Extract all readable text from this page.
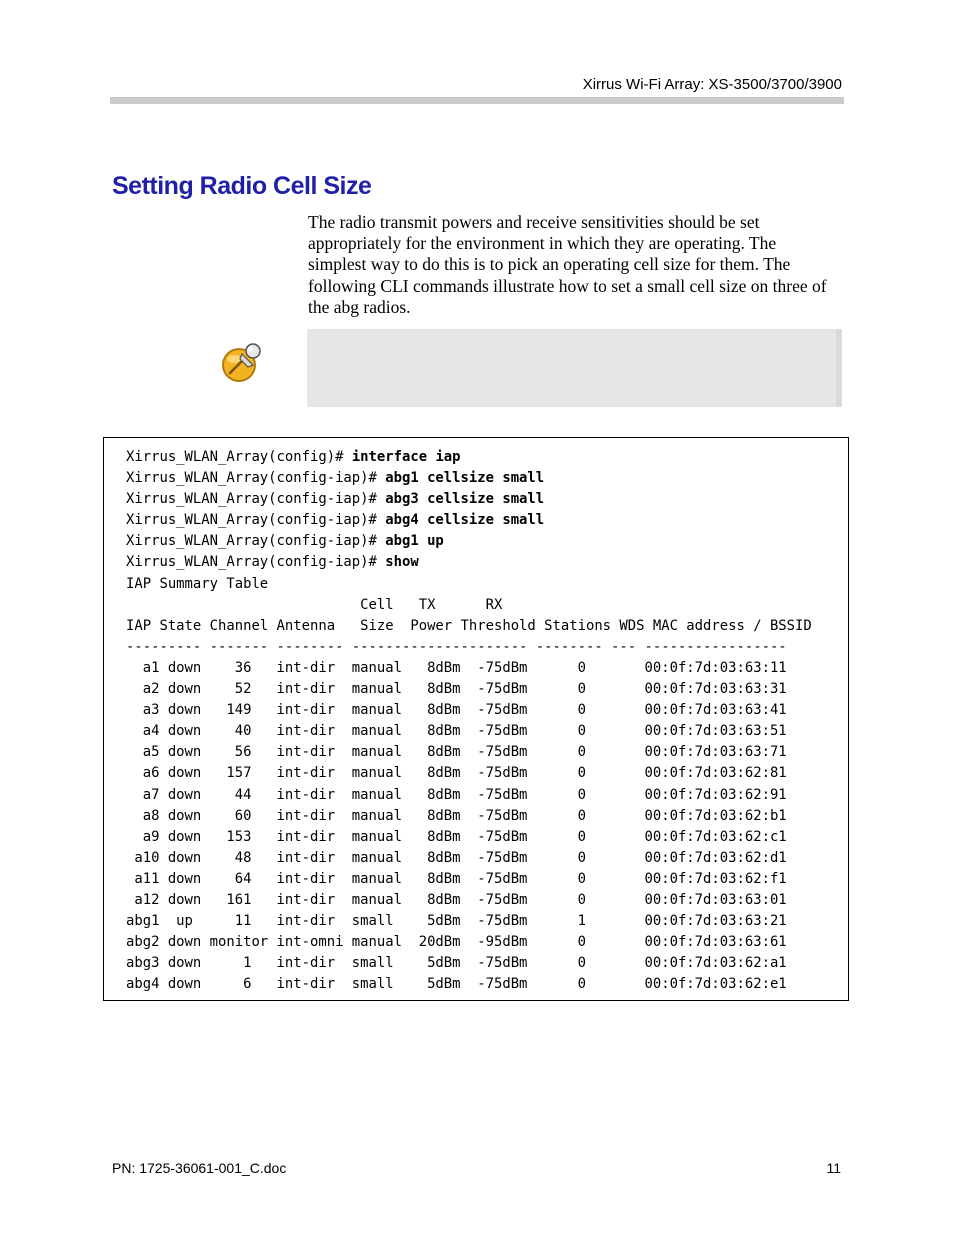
Xirrus Wi-Fi Array: XS-3500/3700/3900
Setting Radio Cell Size

The radio transmit powers and receive sensitivities should be set appropriately for the environment in which they are operating. The simplest way to do this is to pick an operating cell size for them. The following CLI commands illustrate how to set a small cell size on three of the abg radios.

Xirrus_WLAN_Array(config)# interface iap
Xirrus_WLAN_Array(config-iap)# abg1 cellsize small
Xirrus_WLAN_Array(config-iap)# abg3 cellsize small
Xirrus_WLAN_Array(config-iap)# abg4 cellsize small
Xirrus_WLAN_Array(config-iap)# abg1 up
Xirrus_WLAN_Array(config-iap)# show
IAP Summary Table
Cell   TX      RX
IAP State Channel Antenna   Size  Power Threshold Stations WDS MAC address / BSSID
--------- ------- -------- --------------------- -------- --- -----------------
a1 down    36   int-dir  manual   8dBm  -75dBm      0       00:0f:7d:03:63:11
a2 down    52   int-dir  manual   8dBm  -75dBm      0       00:0f:7d:03:63:31
a3 down   149   int-dir  manual   8dBm  -75dBm      0       00:0f:7d:03:63:41
a4 down    40   int-dir  manual   8dBm  -75dBm      0       00:0f:7d:03:63:51
a5 down    56   int-dir  manual   8dBm  -75dBm      0       00:0f:7d:03:63:71
a6 down   157   int-dir  manual   8dBm  -75dBm      0       00:0f:7d:03:62:81
a7 down    44   int-dir  manual   8dBm  -75dBm      0       00:0f:7d:03:62:91
a8 down    60   int-dir  manual   8dBm  -75dBm      0       00:0f:7d:03:62:b1
a9 down   153   int-dir  manual   8dBm  -75dBm      0       00:0f:7d:03:62:c1
a10 down    48   int-dir  manual   8dBm  -75dBm      0       00:0f:7d:03:62:d1
a11 down    64   int-dir  manual   8dBm  -75dBm      0       00:0f:7d:03:62:f1
a12 down   161   int-dir  manual   8dBm  -75dBm      0       00:0f:7d:03:63:01
abg1  up     11   int-dir  small    5dBm  -75dBm      1       00:0f:7d:03:63:21
abg2 down monitor int-omni manual  20dBm  -95dBm      0       00:0f:7d:03:63:61
abg3 down     1   int-dir  small    5dBm  -75dBm      0       00:0f:7d:03:62:a1
abg4 down     6   int-dir  small    5dBm  -75dBm      0       00:0f:7d:03:62:e1
PN: 1725-36061-001_C.doc	11
